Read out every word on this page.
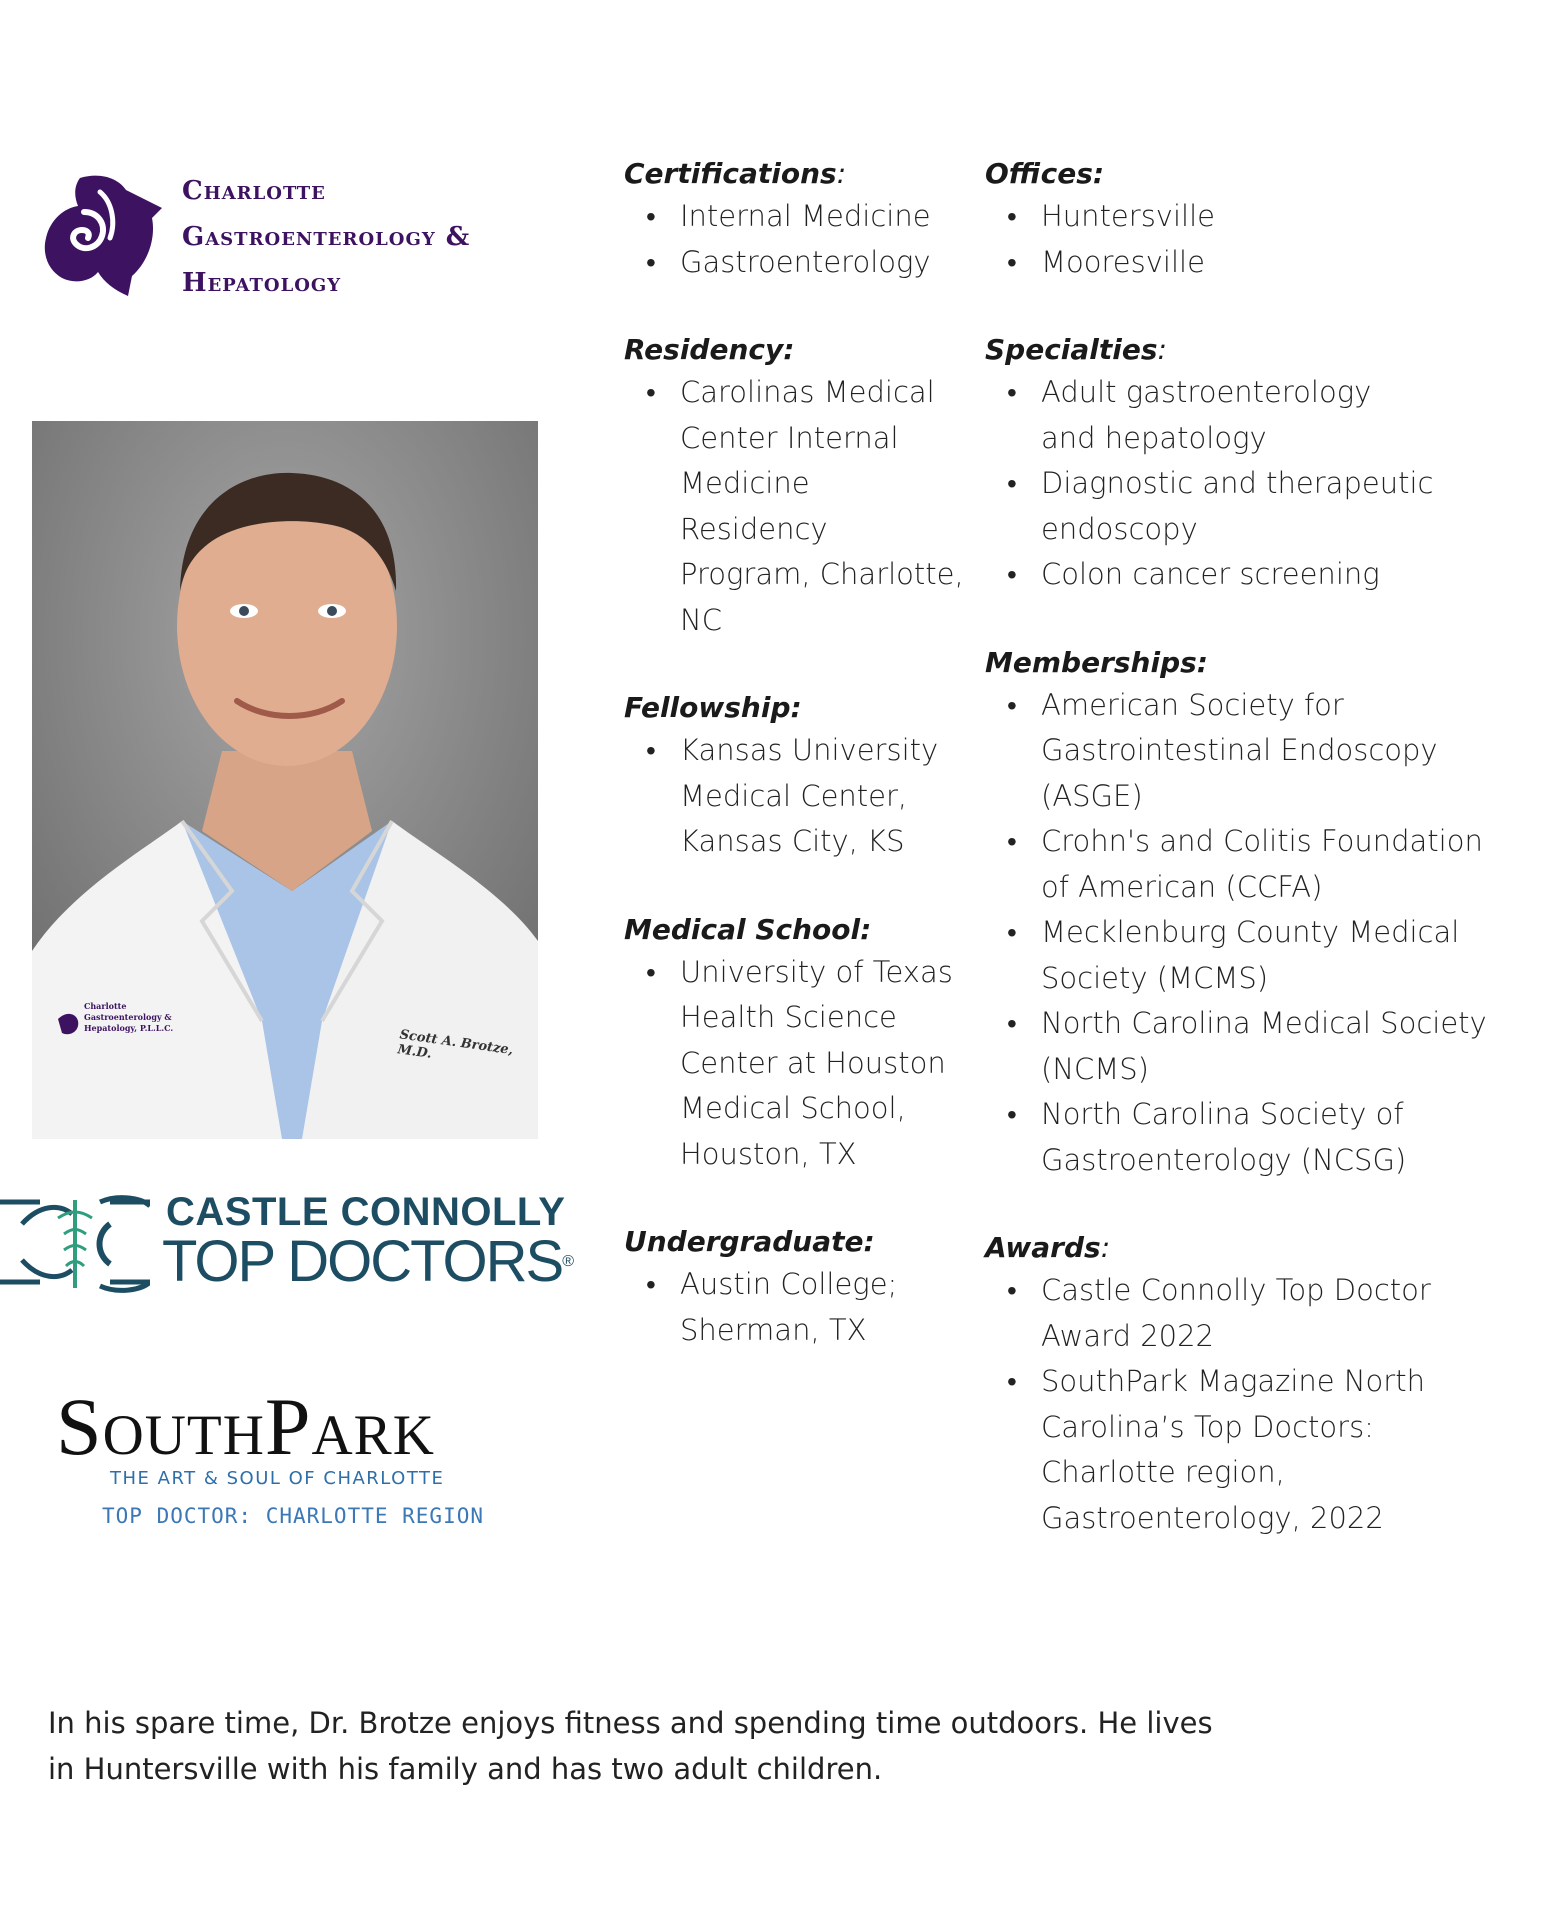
Charlotte
Gastroenterology &
Hepatology
Charlotte
Gastroenterology &
Hepatology, P.L.L.C.	Scott A. Brotze, M.D.
CASTLE CONNOLLY
TOP DOCTORS®
SouthPark
THE ART & SOUL OF CHARLOTTE
TOP DOCTOR: CHARLOTTE REGION
Certifications:
• Internal Medicine
• Gastroenterology
Residency:
• Carolinas Medical Center Internal Medicine Residency Program, Charlotte, NC
Fellowship:
• Kansas University Medical Center, Kansas City, KS
Medical School:
• University of Texas Health Science Center at Houston Medical School, Houston, TX
Undergraduate:
• Austin College; Sherman, TX
Offices:
• Huntersville
• Mooresville
Specialties:
• Adult gastroenterology and hepatology
• Diagnostic and therapeutic endoscopy
• Colon cancer screening
Memberships:
• American Society for Gastrointestinal Endoscopy (ASGE)
• Crohn's and Colitis Foundation of American (CCFA)
• Mecklenburg County Medical Society (MCMS)
• North Carolina Medical Society (NCMS)
• North Carolina Society of Gastroenterology (NCSG)
Awards:
• Castle Connolly Top Doctor Award 2022
• SouthPark Magazine North Carolina’s Top Doctors: Charlotte region, Gastroenterology, 2022
In his spare time, Dr. Brotze enjoys fitness and spending time outdoors. He lives in Huntersville with his family and has two adult children.
